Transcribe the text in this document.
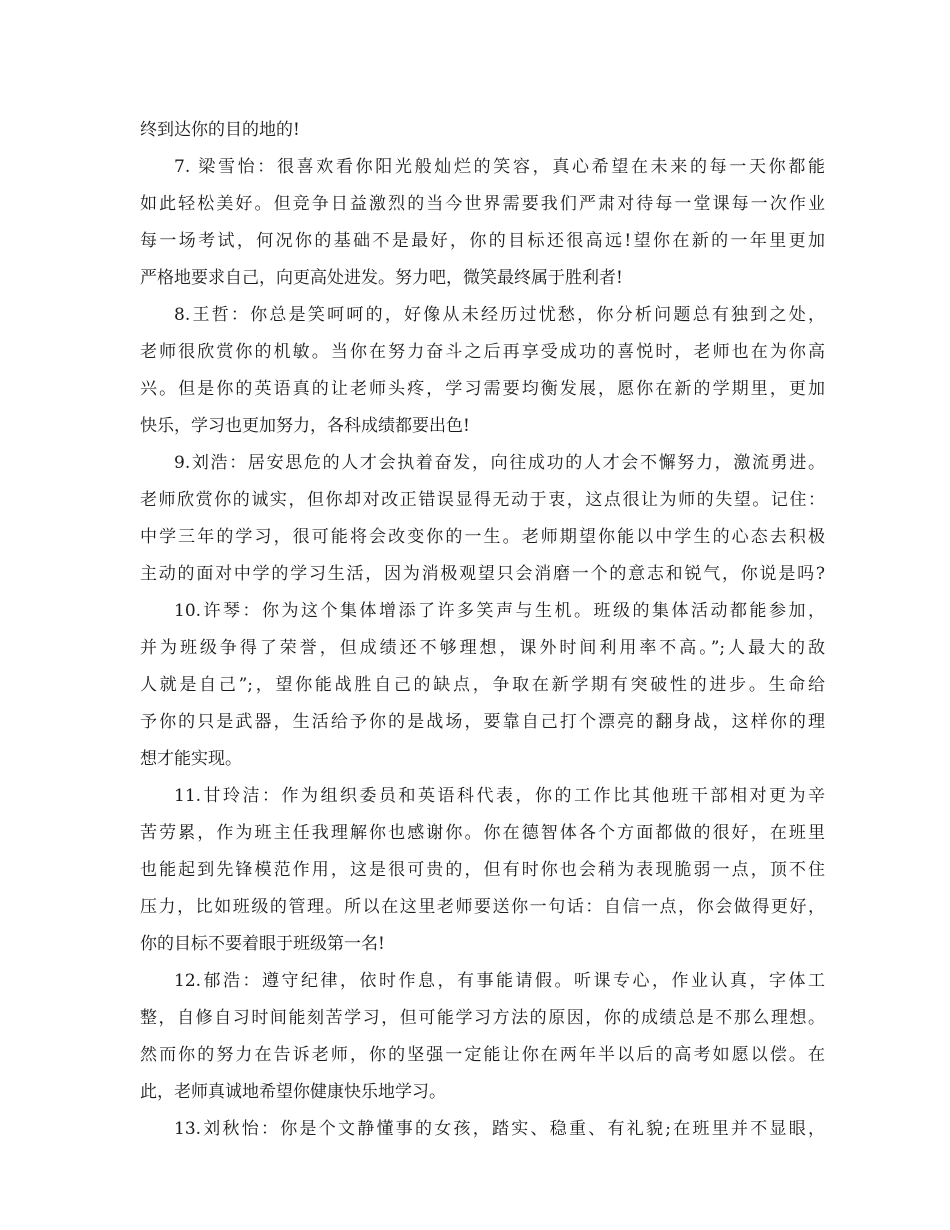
终到达你的目的地的!
7. 梁雪怡：很喜欢看你阳光般灿烂的笑容，真心希望在未来的每一天你都能
如此轻松美好。但竞争日益激烈的当今世界需要我们严肃对待每一堂课每一次作业
每一场考试，何况你的基础不是最好，你的目标还很高远!望你在新的一年里更加
严格地要求自己，向更高处进发。努力吧，微笑最终属于胜利者!
8.王哲：你总是笑呵呵的，好像从未经历过忧愁，你分析问题总有独到之处，
老师很欣赏你的机敏。当你在努力奋斗之后再享受成功的喜悦时，老师也在为你高
兴。但是你的英语真的让老师头疼，学习需要均衡发展，愿你在新的学期里，更加
快乐，学习也更加努力，各科成绩都要出色!
9.刘浩：居安思危的人才会执着奋发，向往成功的人才会不懈努力，激流勇进。
老师欣赏你的诚实，但你却对改正错误显得无动于衷，这点很让为师的失望。记住：
中学三年的学习，很可能将会改变你的一生。老师期望你能以中学生的心态去积极
主动的面对中学的学习生活，因为消极观望只会消磨一个的意志和锐气，你说是吗?
10.许琴：你为这个集体增添了许多笑声与生机。班级的集体活动都能参加，
并为班级争得了荣誉，但成绩还不够理想，课外时间利用率不高。”;人最大的敌
人就是自己”;，望你能战胜自己的缺点，争取在新学期有突破性的进步。生命给
予你的只是武器，生活给予你的是战场，要靠自己打个漂亮的翻身战，这样你的理
想才能实现。
11.甘玲洁：作为组织委员和英语科代表，你的工作比其他班干部相对更为辛
苦劳累，作为班主任我理解你也感谢你。你在德智体各个方面都做的很好，在班里
也能起到先锋模范作用，这是很可贵的，但有时你也会稍为表现脆弱一点，顶不住
压力，比如班级的管理。所以在这里老师要送你一句话：自信一点，你会做得更好，
你的目标不要着眼于班级第一名!
12.郁浩：遵守纪律，依时作息，有事能请假。听课专心，作业认真，字体工
整，自修自习时间能刻苦学习，但可能学习方法的原因，你的成绩总是不那么理想。
然而你的努力在告诉老师，你的坚强一定能让你在两年半以后的高考如愿以偿。在
此，老师真诚地希望你健康快乐地学习。
13.刘秋怡：你是个文静懂事的女孩，踏实、稳重、有礼貌;在班里并不显眼，
